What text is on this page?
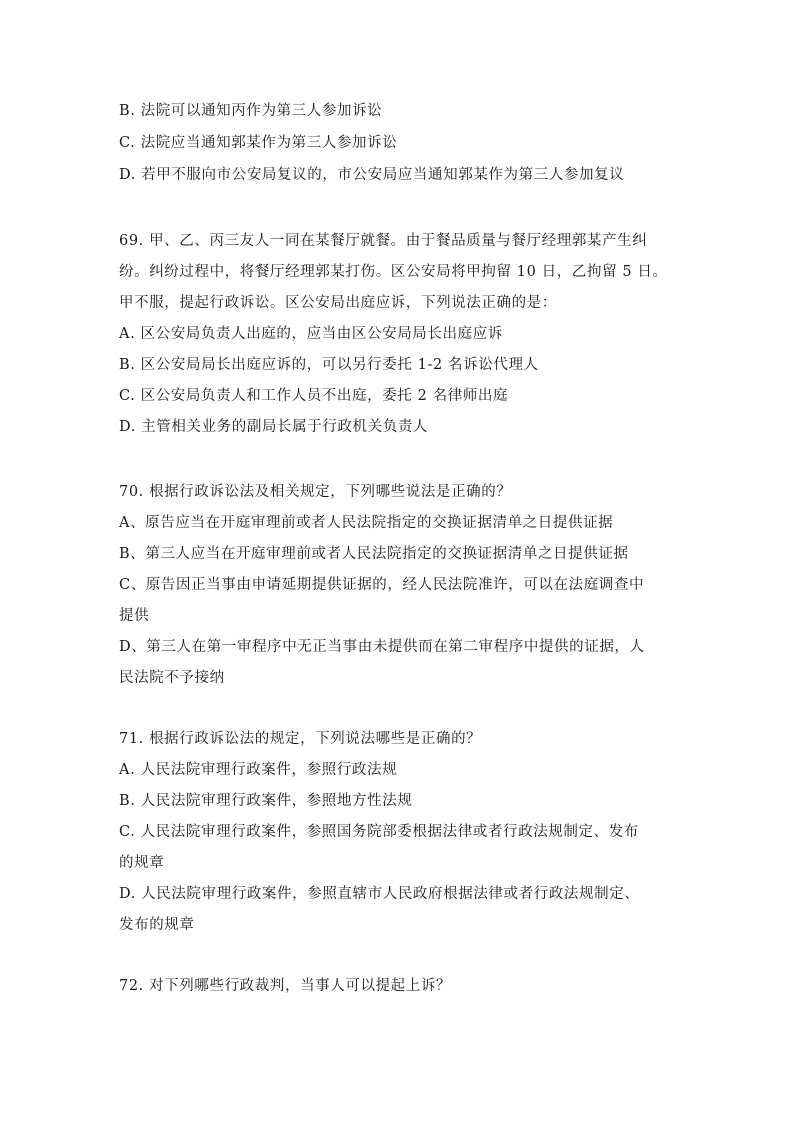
B. 法院可以通知丙作为第三人参加诉讼
C. 法院应当通知郭某作为第三人参加诉讼
D. 若甲不服向市公安局复议的，市公安局应当通知郭某作为第三人参加复议
69. 甲、乙、丙三友人一同在某餐厅就餐。由于餐品质量与餐厅经理郭某产生纠
纷。纠纷过程中，将餐厅经理郭某打伤。区公安局将甲拘留 10 日，乙拘留 5 日。
甲不服，提起行政诉讼。区公安局出庭应诉，下列说法正确的是：
A. 区公安局负责人出庭的，应当由区公安局局长出庭应诉
B. 区公安局局长出庭应诉的，可以另行委托 1-2 名诉讼代理人
C. 区公安局负责人和工作人员不出庭，委托 2 名律师出庭
D. 主管相关业务的副局长属于行政机关负责人
70. 根据行政诉讼法及相关规定，下列哪些说法是正确的？
A、原告应当在开庭审理前或者人民法院指定的交换证据清单之日提供证据
B、第三人应当在开庭审理前或者人民法院指定的交换证据清单之日提供证据
C、原告因正当事由申请延期提供证据的，经人民法院准许，可以在法庭调查中
提供
D、第三人在第一审程序中无正当事由未提供而在第二审程序中提供的证据，人
民法院不予接纳
71. 根据行政诉讼法的规定，下列说法哪些是正确的？
A. 人民法院审理行政案件，参照行政法规
B. 人民法院审理行政案件，参照地方性法规
C. 人民法院审理行政案件，参照国务院部委根据法律或者行政法规制定、发布
的规章
D. 人民法院审理行政案件，参照直辖市人民政府根据法律或者行政法规制定、
发布的规章
72. 对下列哪些行政裁判，当事人可以提起上诉？
